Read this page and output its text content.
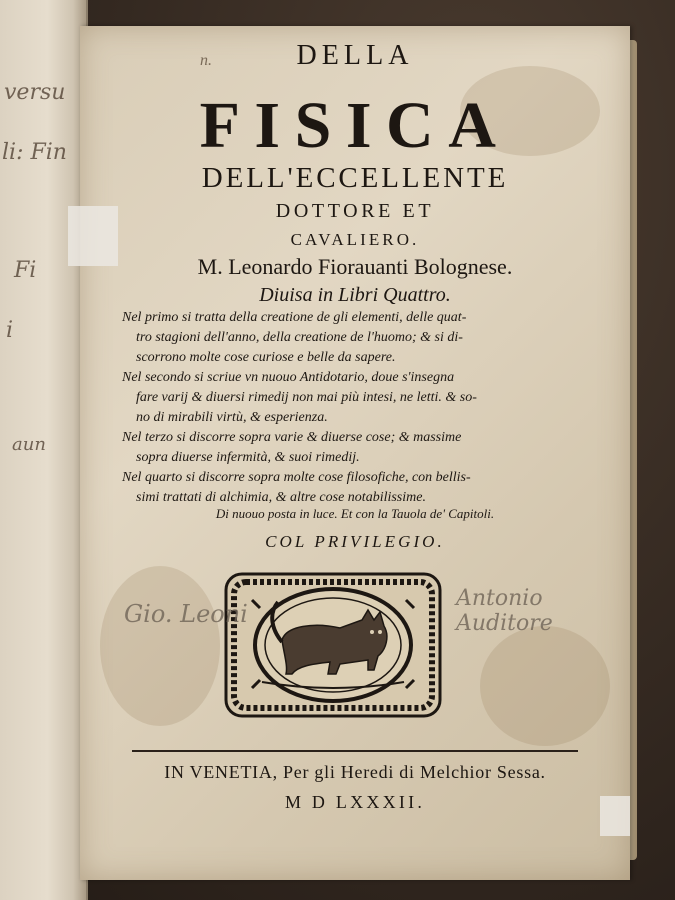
versu
li: Fin
Fi
i
aun
n.	DELLA
FISICA
DELL'ECCELLENTE
DOTTORE ET
CAVALIERO.
M. Leonardo Fiorauanti Bolognese.
Diuisa in Libri Quattro.
Nel primo si tratta della creatione de gli elementi, delle quat-
tro stagioni dell'anno, della creatione de l'huomo; & si di-
scorrono molte cose curiose e belle da sapere.
Nel secondo si scriue vn nuouo Antidotario, doue s'insegna
fare varij & diuersi rimedij non mai più intesi, ne letti. & so-
no di mirabili virtù, & esperienza.
Nel terzo si discorre sopra varie & diuerse cose; & massime
sopra diuerse infermità, & suoi rimedij.
Nel quarto si discorre sopra molte cose filosofiche, con bellis-
simi trattati di alchimia, & altre cose notabilissime.
Di nuouo posta in luce. Et con la Tauola de' Capitoli.
COL PRIVILEGIO.
Gio. Leoni
Antonio Auditore
IN VENETIA, Per gli Heredi di Melchior Sessa.
M D LXXXII.
